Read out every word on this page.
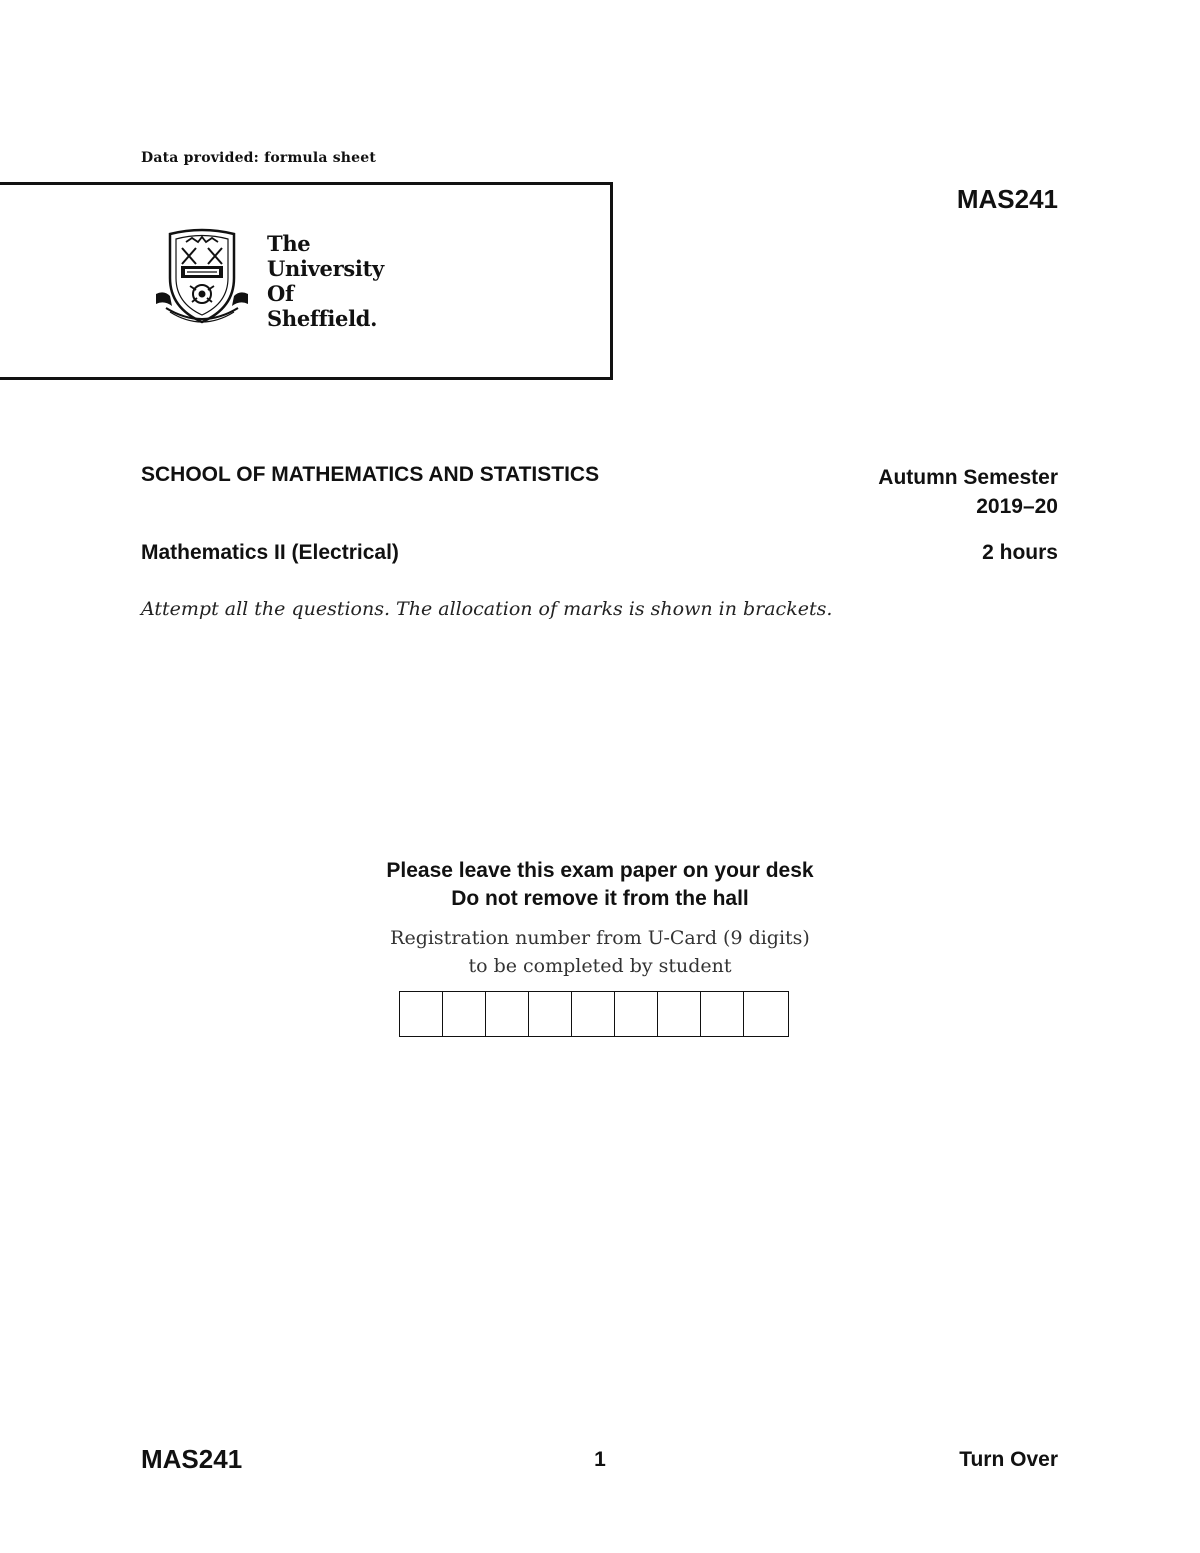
Data provided: formula sheet
MAS241
The
University
Of
Sheffield.
SCHOOL OF MATHEMATICS AND STATISTICS	Autumn Semester
2019–20
Mathematics II (Electrical)	2 hours
Attempt all the questions. The allocation of marks is shown in brackets.
Please leave this exam paper on your desk
Do not remove it from the hall
Registration number from U-Card (9 digits)
to be completed by student
MAS241	1	Turn Over
